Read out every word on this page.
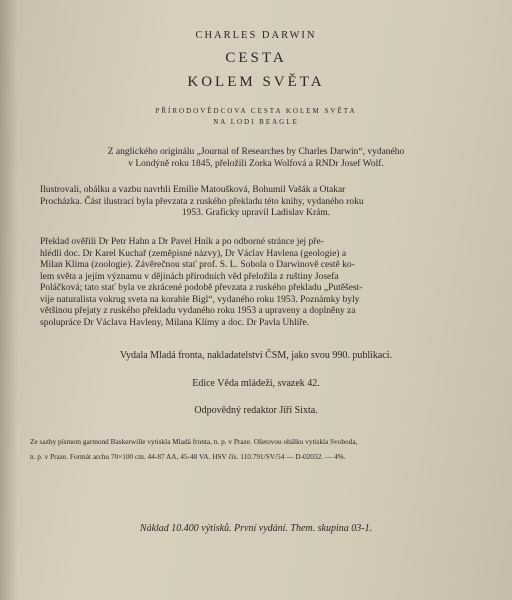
CHARLES DARWIN
CESTA
KOLEM SVĚTA
PŘÍRODOVĚDCOVA CESTA KOLEM SVĚTA
NA LODI BEAGLE
Z anglického originálu „Journal of Researches by Charles Darwin“, vydaného
v Londýně roku 1845, přeložili Zorka Wolfová a RNDr Josef Wolf.
Ilustrovali, obálku a vazbu navrhli Emilie Matoušková, Bohumil Vašák a Otakar
Procházka. Část ilustrací byla převzata z ruského překladu této knihy, vydaného roku
1953. Graficky upravil Ladislav Krám.
Překlad ověřili Dr Petr Hahn a Dr Pavel Hník a po odborné stránce jej pře-
hlédli doc. Dr Karel Kuchař (zeměpisné názvy), Dr Václav Havlena (geologie) a
Milan Klíma (zoologie). Závěrečnou stať prof. S. L. Sobola o Darwinově cestě ko-
lem světa a jejím významu v dějinách přírodních věd přeložila z ruštiny Josefa
Poláčková; tato stať byla ve zkrácené podobě převzata z ruského překladu „Putěšest-
vije naturalista vokrug sveta na korable Bigl“, vydaného roku 1953. Poznámky byly
většinou přejaty z ruského překladu vydaného roku 1953 a upraveny a doplněny za
spolupráce Dr Václava Havleny, Milana Klímy a doc. Dr Pavla Uhlíře.
Vydala Mladá fronta, nakladatelství ČSM, jako svou 990. publikaci.
Edice Věda mládeži, svazek 42.
Odpovědný redaktor Jiří Sixta.
Ze sazby písmem garmond Baskerwille vytiskla Mladá fronta, n. p. v Praze. Ošetovou obálku vytiskla Svoboda,
n. p. v Praze. Formát archu 70×100 cm. 44-87 AA, 45-48 VA. HSV čís. 110.791/SV/54 — D-02032. — 4%.
Náklad 10.400 výtisků. První vydání. Them. skupina 03-1.
